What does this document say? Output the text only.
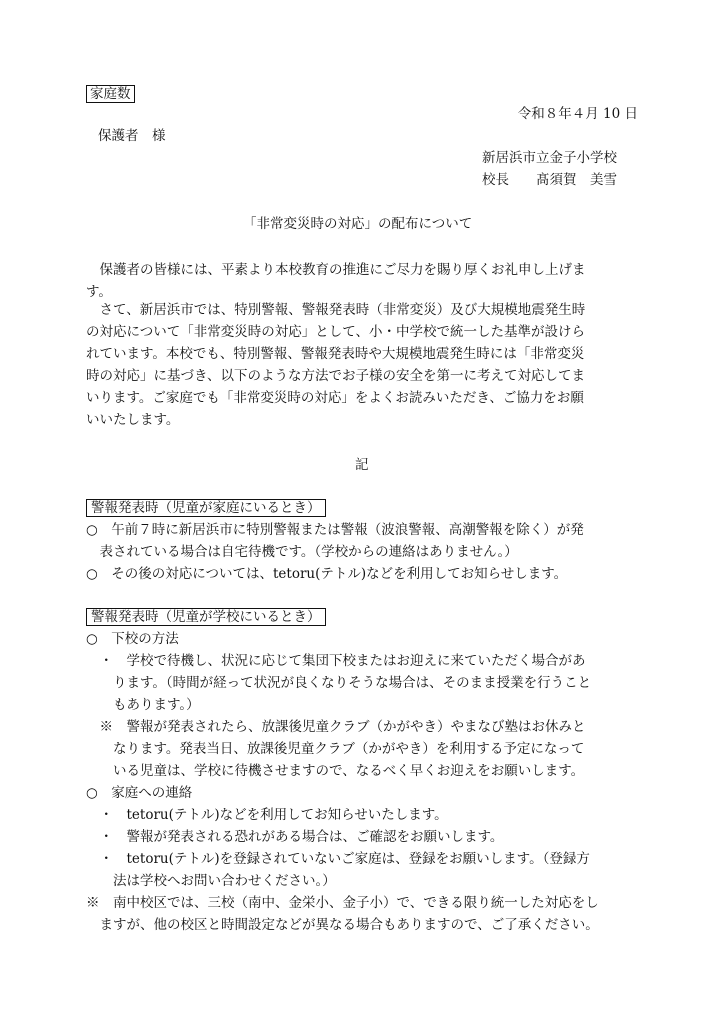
家庭数
令和８年４月 10 日
保護者　様
新居浜市立金子小学校
校長　　髙須賀　美雪
「非常変災時の対応」の配布について
　保護者の皆様には、平素より本校教育の推進にご尽力を賜り厚くお礼申し上げま
す。
　さて、新居浜市では、特別警報、警報発表時（非常変災）及び大規模地震発生時
の対応について「非常変災時の対応」として、小・中学校で統一した基準が設けら
れています。本校でも、特別警報、警報発表時や大規模地震発生時には「非常変災
時の対応」に基づき、以下のような方法でお子様の安全を第一に考えて対応してま
いります。ご家庭でも「非常変災時の対応」をよくお読みいただき、ご協力をお願
いいたします。
記
警報発表時（児童が家庭にいるとき）
○　午前７時に新居浜市に特別警報または警報（波浪警報、高潮警報を除く）が発
　表されている場合は自宅待機です。（学校からの連絡はありません。）
○　その後の対応については、tetoru(テトル)などを利用してお知らせします。
警報発表時（児童が学校にいるとき）
○　下校の方法
　・　学校で待機し、状況に応じて集団下校またはお迎えに来ていただく場合があ
　　ります。（時間が経って状況が良くなりそうな場合は、そのまま授業を行うこと
　　もあります。）
　※　警報が発表されたら、放課後児童クラブ（かがやき）やまなび塾はお休みと
　　なります。発表当日、放課後児童クラブ（かがやき）を利用する予定になって
　　いる児童は、学校に待機させますので、なるべく早くお迎えをお願いします。
○　家庭への連絡
　・　tetoru(テトル)などを利用してお知らせいたします。
　・　警報が発表される恐れがある場合は、ご確認をお願いします。
　・　tetoru(テトル)を登録されていないご家庭は、登録をお願いします。（登録方
　　法は学校へお問い合わせください。）
※　南中校区では、三校（南中、金栄小、金子小）で、できる限り統一した対応をし
　ますが、他の校区と時間設定などが異なる場合もありますので、ご了承ください。
